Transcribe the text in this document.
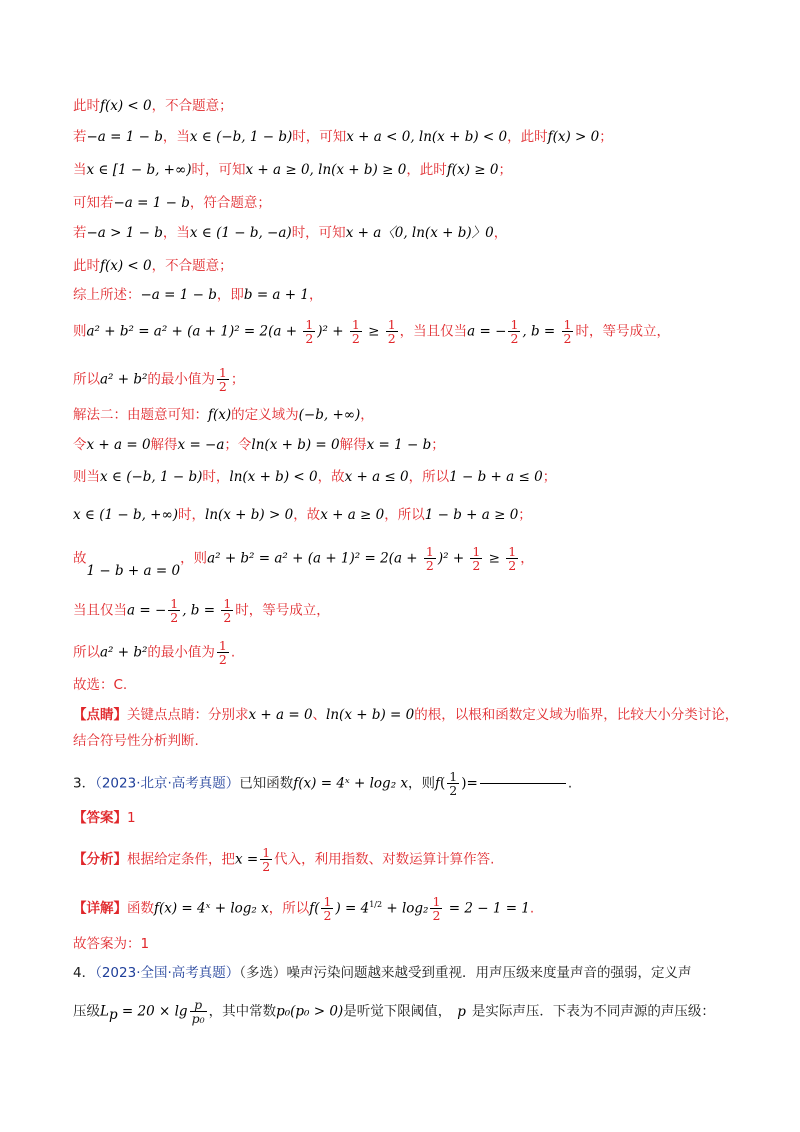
此时f(x) < 0，不合题意；
若−a = 1 − b，当x ∈ (−b, 1 − b)时，可知x + a < 0, ln(x + b) < 0，此时f(x) > 0；
当x ∈ [1 − b, +∞)时，可知x + a ≥ 0, ln(x + b) ≥ 0，此时f(x) ≥ 0；
可知若−a = 1 − b，符合题意；
若−a > 1 − b，当x ∈ (1 − b, −a)时，可知x + a〈0, ln(x + b)〉0，
此时f(x) < 0，不合题意；
综上所述：−a = 1 − b，即b = a + 1，
则$a^2 + b^2 = a^2 + (a + 1)^2 = 2(a + \frac{1}{2} )^2 + \frac{1}{2} \ge \frac{1}{2}$ ，当且仅当a = − $\frac{1}{2}$ , $b = \frac{1}{2}$ 时，等号成立，
所以a² + b²的最小值为 $\frac{1}{2}$ ；
解法二：由题意可知：f(x)的定义域为(−b, +∞)，
令x + a = 0解得x = −a；令ln(x + b) = 0解得x = 1 − b；
则当x ∈ (−b, 1 − b)时，ln(x + b) < 0，故x + a ≤ 0，所以1 − b + a ≤ 0；
x ∈ (1 − b, +∞)时，ln(x + b) > 0，故x + a ≥ 0，所以1 − b + a ≥ 0；
故1 − b + a = 0，则$a^2 + b^2 = a^2 + (a + 1)^2 = 2(a + \frac{1}{2} )^2 + \frac{1}{2} \ge \frac{1}{2}$ ，
当且仅当a = − $\frac{1}{2}$ , $b = \frac{1}{2}$ 时，等号成立，
所以a² + b²的最小值为 $\frac{1}{2}$ .
故选：C.
【点睛】关键点点睛：分别求x + a = 0、ln(x + b) = 0的根，以根和函数定义域为临界，比较大小分类讨论，
结合符号性分析判断.
3．（2023·北京·高考真题）已知函数f(x) = 4ˣ + log₂ x，则$f( \frac{1}{2}$ )=	.
【答案】1
【分析】根据给定条件，把$x = \frac{1}{2}$ 代入，利用指数、对数运算计算作答.
【详解】函数f(x) = 4ˣ + log₂ x，所以$f( \frac{1}{2}$ ) = $4^{1/2} + \log_2 \frac{1}{2} = 2 - 1 = 1$.
故答案为：1
4．（2023·全国·高考真题）（多选）噪声污染问题越来越受到重视．用声压级来度量声音的强弱，定义声
压级$L_p = 20 \times \lg \frac{p}{\text{p₀}}$ ，其中常数p₀(p₀ > 0)是听觉下限阈值， p 是实际声压．下表为不同声源的声压级：
